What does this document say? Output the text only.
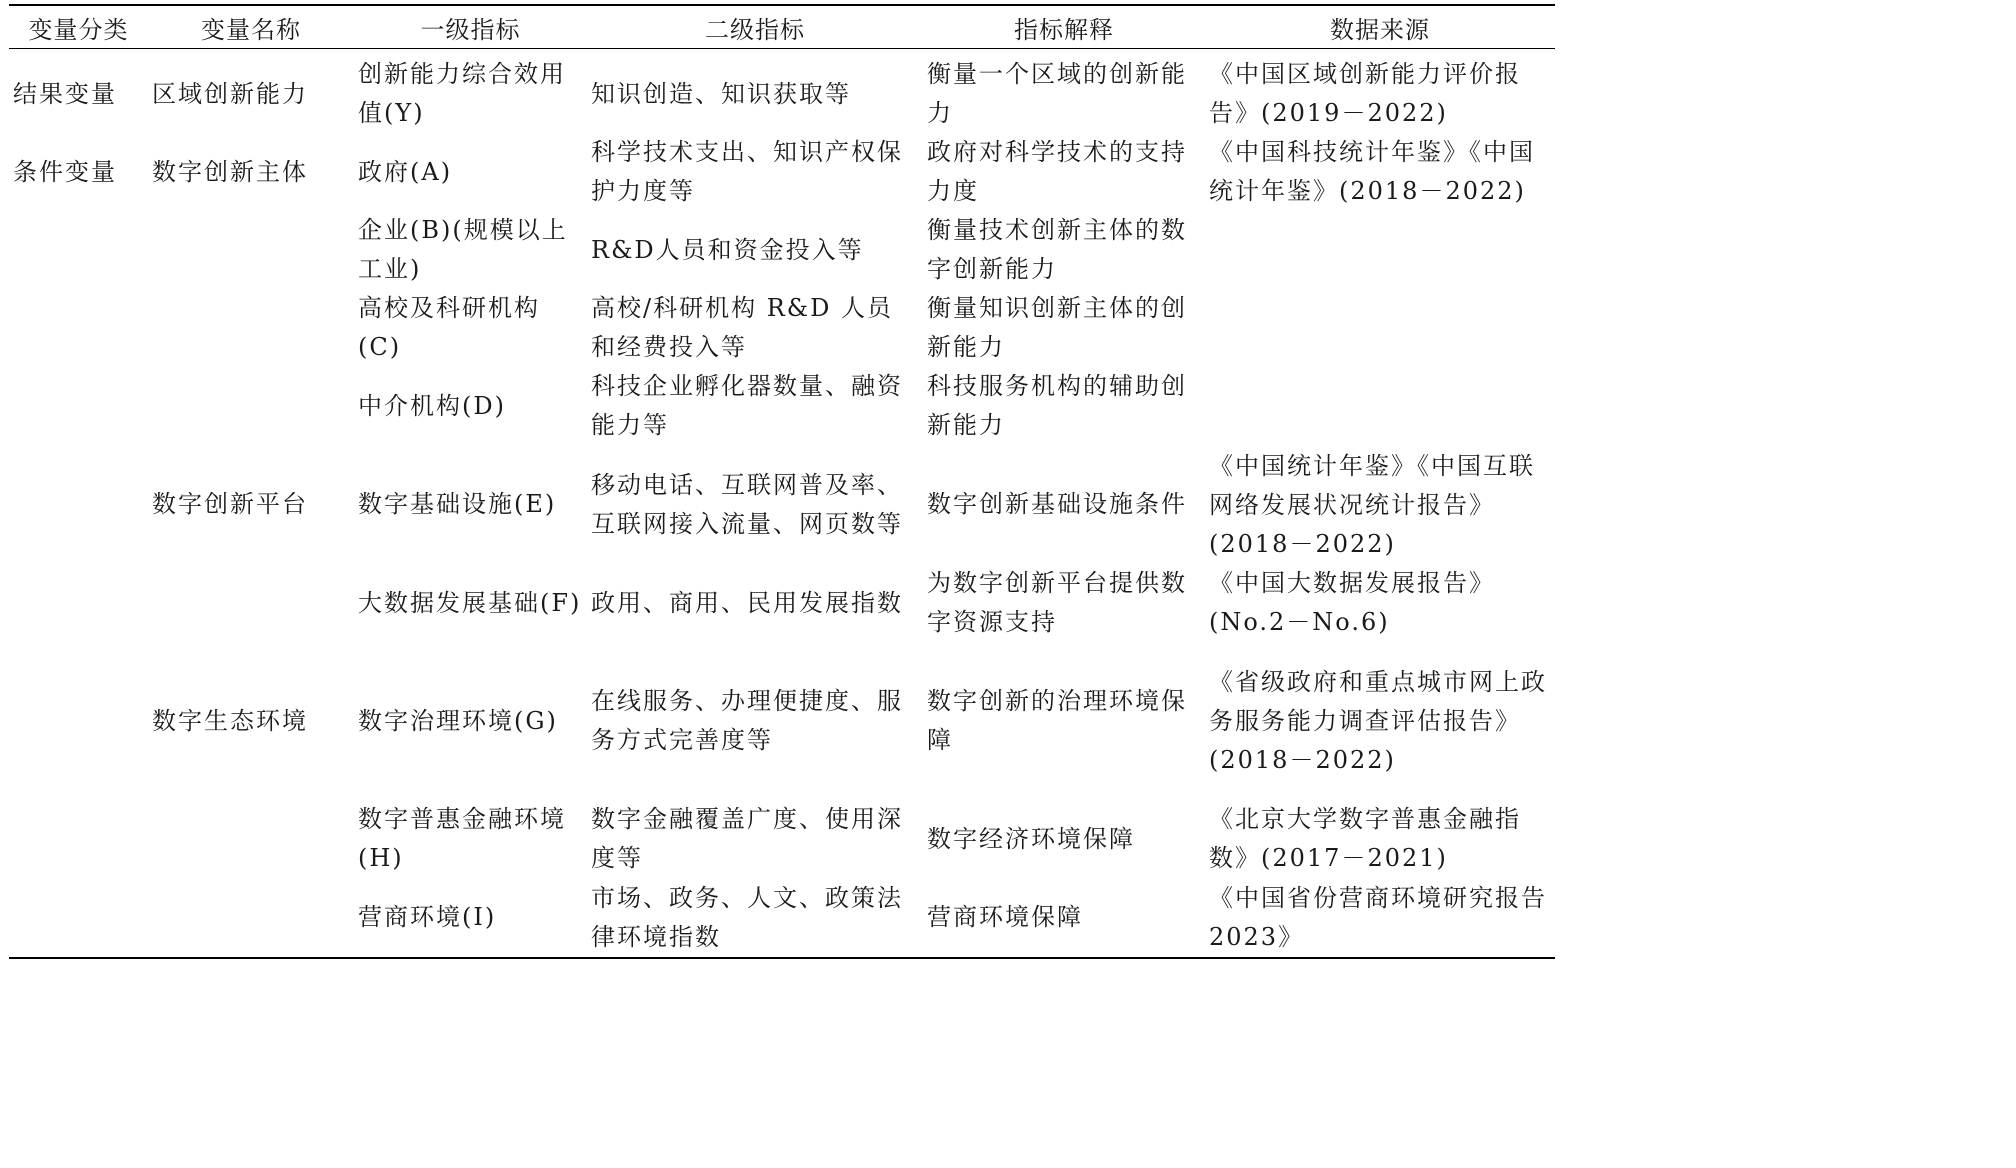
变量分类	变量名称	一级指标	二级指标	指标解释	数据来源
结果变量	区域创新能力	创新能力综合效用值(Y)	知识创造、知识获取等	衡量一个区域的创新能力	《中国区域创新能力评价报告》(2019－2022)
条件变量	数字创新主体	政府(A)	科学技术支出、知识产权保护力度等	政府对科学技术的支持力度	《中国科技统计年鉴》《中国统计年鉴》(2018－2022)
		企业(B)(规模以上工业)	R&D人员和资金投入等	衡量技术创新主体的数字创新能力	
		高校及科研机构(C)	高校/科研机构 R&D 人员和经费投入等	衡量知识创新主体的创新能力	
		中介机构(D)	科技企业孵化器数量、融资能力等	科技服务机构的辅助创新能力	
	数字创新平台	数字基础设施(E)	移动电话、互联网普及率、互联网接入流量、网页数等	数字创新基础设施条件	《中国统计年鉴》《中国互联网络发展状况统计报告》(2018－2022)
		大数据发展基础(F)	政用、商用、民用发展指数	为数字创新平台提供数字资源支持	《中国大数据发展报告》(No.2－No.6)
	数字生态环境	数字治理环境(G)	在线服务、办理便捷度、服务方式完善度等	数字创新的治理环境保障	《省级政府和重点城市网上政务服务能力调查评估报告》(2018－2022)
		数字普惠金融环境(H)	数字金融覆盖广度、使用深度等	数字经济环境保障	《北京大学数字普惠金融指数》(2017－2021)
		营商环境(I)	市场、政务、人文、政策法律环境指数	营商环境保障	《中国省份营商环境研究报告2023》
